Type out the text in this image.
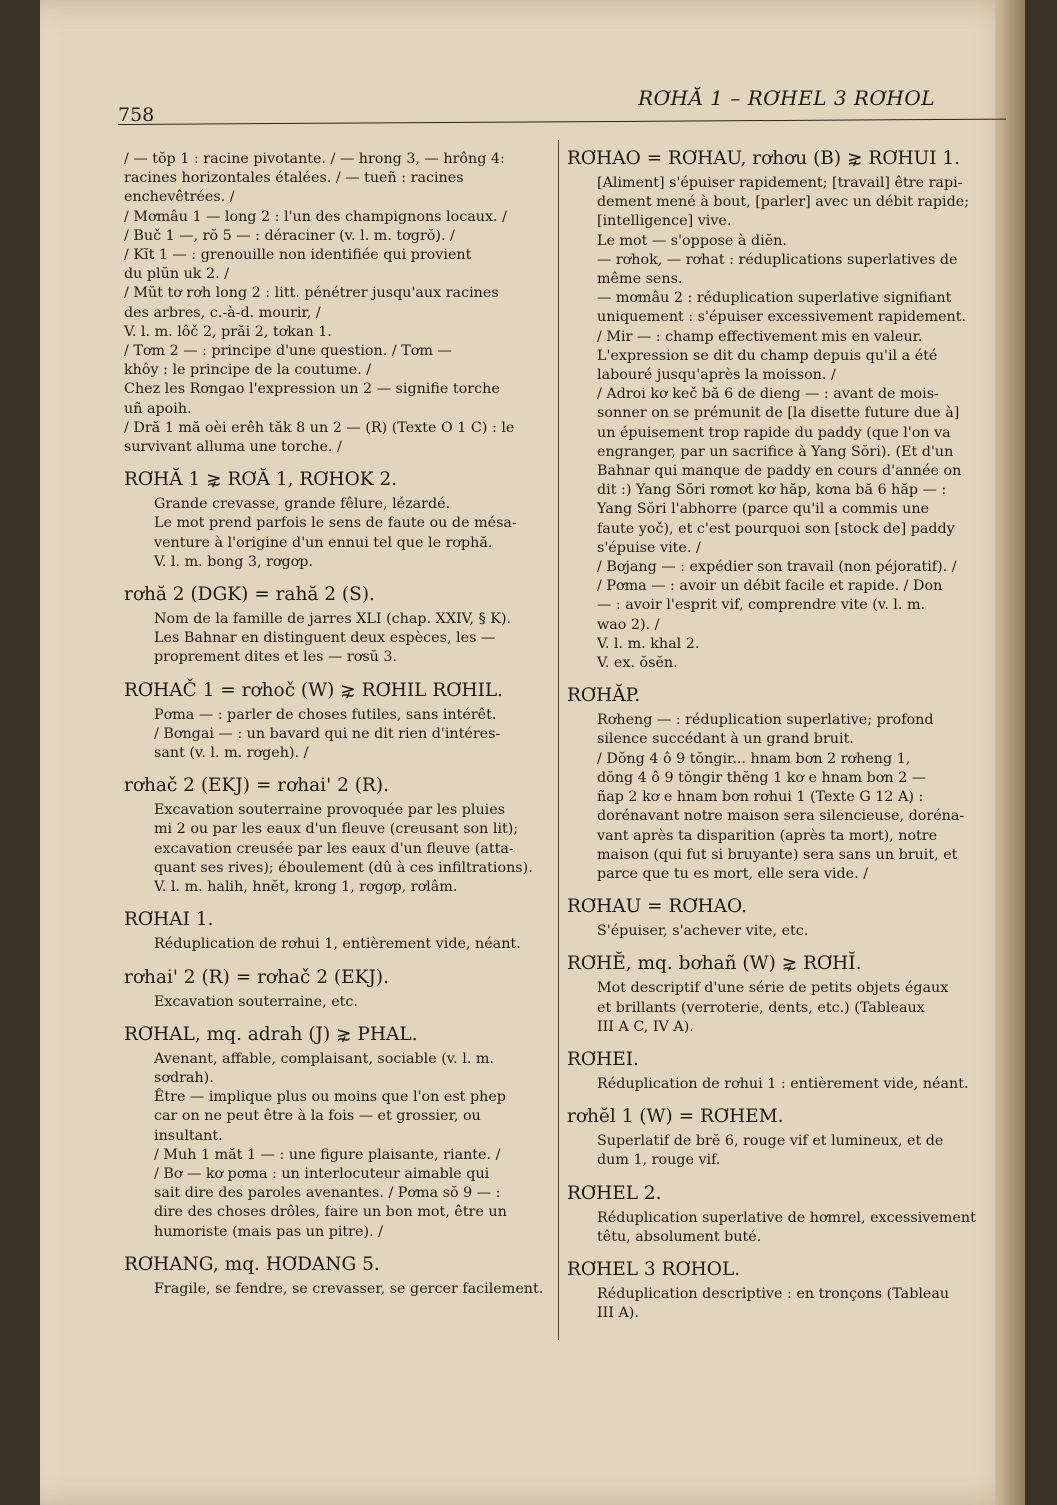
758
RƠHĂ 1 – RƠHEL 3 RƠHOL

/ — tŏp 1 : racine pivotante. / — hrong 3, — hrông 4:

racines horizontales étalées. / — tueñ : racines

enchevêtrées. /

/ Mơmâu 1 — long 2 : l'un des champignons locaux. /

/ Buč 1 —, rŏ 5 — : déraciner (v. l. m. tơgrŏ). /

/ Kĭt 1 — : grenouille non identifiée qui provient

du plŭn uk 2. /

/ Mŭt tơ rơh long 2 : litt. pénétrer jusqu'aux racines

des arbres, c.-à-d. mourir, /

V. l. m. lôč 2, prăi 2, tơkan 1.

/ Tơm 2 — : principe d'une question. / Tơm —

khôy : le principe de la coutume. /

Chez les Rơngao l'expression un 2 — signifie torche

uñ apoih.

/ Dră 1 mă oèi erêh tăk 8 un 2 — (R) (Texte O 1 C) : le

survivant alluma une torche. /

RƠHĂ 1 ⋧ RƠĂ 1, RƠHOK 2.

Grande crevasse, grande fêlure, lézardé.

Le mot prend parfois le sens de faute ou de mésa-

venture à l'origine d'un ennui tel que le rơphă.

V. l. m. bong 3, rơgơp.

rơhă 2 (DGK) = rahă 2 (S).

Nom de la famille de jarres XLI (chap. XXIV, § K).

Les Bahnar en distinguent deux espèces, les —

proprement dites et les — rơsŭ 3.

RƠHAČ 1 = rơhoč (W) ⋧ RƠHIL RƠHIL.

Pơma — : parler de choses futiles, sans intérêt.

/ Bơngai — : un bavard qui ne dit rien d'intéres-

sant (v. l. m. rơgeh). /

rơhač 2 (EKJ) = rơhai' 2 (R).

Excavation souterraine provoquée par les pluies

mi 2 ou par les eaux d'un fleuve (creusant son lit);

excavation creusée par les eaux d'un fleuve (atta-

quant ses rives); éboulement (dû à ces infiltrations).

V. l. m. halih, hnĕt, krong 1, rơgơp, rơlâm.

RƠHAI 1.

Réduplication de rơhui 1, entièrement vide, néant.

rơhai' 2 (R) = rơhač 2 (EKJ).

Excavation souterraine, etc.

RƠHAL, mq. adrah (J) ⋧ PHAL.

Avenant, affable, complaisant, sociable (v. l. m.

sơdrah).

Être — implique plus ou moins que l'on est phep

car on ne peut être à la fois — et grossier, ou

insultant.

/ Muh 1 măt 1 — : une figure plaisante, riante. /

/ Bơ — kơ pơma : un interlocuteur aimable qui

sait dire des paroles avenantes. / Pơma sŏ 9 — :

dire des choses drôles, faire un bon mot, être un

humoriste (mais pas un pitre). /

RƠHANG, mq. HƠDANG 5.

Fragile, se fendre, se crevasser, se gercer facilement.

RƠHAO = RƠHAU, rơhơu (B) ⋧ RƠHUI 1.

[Aliment] s'épuiser rapidement; [travail] être rapi-

dement mené à bout, [parler] avec un débit rapide;

[intelligence] vive.

Le mot — s'oppose à diĕn.

— rơhok, — rơhat : réduplications superlatives de

même sens.

— mơmâu 2 : réduplication superlative signifiant

uniquement : s'épuiser excessivement rapidement.

/ Mir — : champ effectivement mis en valeur.

L'expression se dit du champ depuis qu'il a été

labouré jusqu'après la moisson. /

/ Adroi kơ keč bă 6 de dieng — : avant de mois-

sonner on se prémunit de [la disette future due à]

un épuisement trop rapide du paddy (que l'on va

engranger, par un sacrifice à Yang Sŏri). (Et d'un

Bahnar qui manque de paddy en cours d'année on

dit :) Yang Sŏri rơmơt kơ hăp, kơna bă 6 hăp — :

Yang Sŏri l'abhorre (parce qu'il a commis une

faute yoč), et c'est pourquoi son [stock de] paddy

s'épuise vite. /

/ Bơjang — : expédier son travail (non péjoratif). /

/ Pơma — : avoir un débit facile et rapide. / Don

— : avoir l'esprit vif, comprendre vite (v. l. m.

wao 2). /

V. l. m. khal 2.

V. ex. ŏsĕn.

RƠHĂP.

Rơheng — : réduplication superlative; profond

silence succédant à un grand bruit.

/ Dŏng 4 ô 9 tŏngir... hnam bơn 2 rơheng 1,

dŏng 4 ô 9 tŏngir thĕng 1 kơ e hnam bơn 2 —

ñap 2 kơ e hnam bơn rơhui 1 (Texte G 12 A) :

dorénavant notre maison sera silencieuse, doréna-

vant après ta disparition (après ta mort), notre

maison (qui fut si bruyante) sera sans un bruit, et

parce que tu es mort, elle sera vide. /

RƠHAU = RƠHAO.

S'épuiser, s'achever vite, etc.

RƠHĔ, mq. bơhañ (W) ⋧ RƠHĬ.

Mot descriptif d'une série de petits objets égaux

et brillants (verroterie, dents, etc.) (Tableaux

III A C, IV A).

RƠHEI.

Réduplication de rơhui 1 : entièrement vide, néant.

rơhĕl 1 (W) = RƠHEM.

Superlatif de brĕ 6, rouge vif et lumineux, et de

dum 1, rouge vif.

RƠHEL 2.

Réduplication superlative de hơmrel, excessivement

têtu, absolument buté.

RƠHEL 3 RƠHOL.

Réduplication descriptive : en tronçons (Tableau

III A).
